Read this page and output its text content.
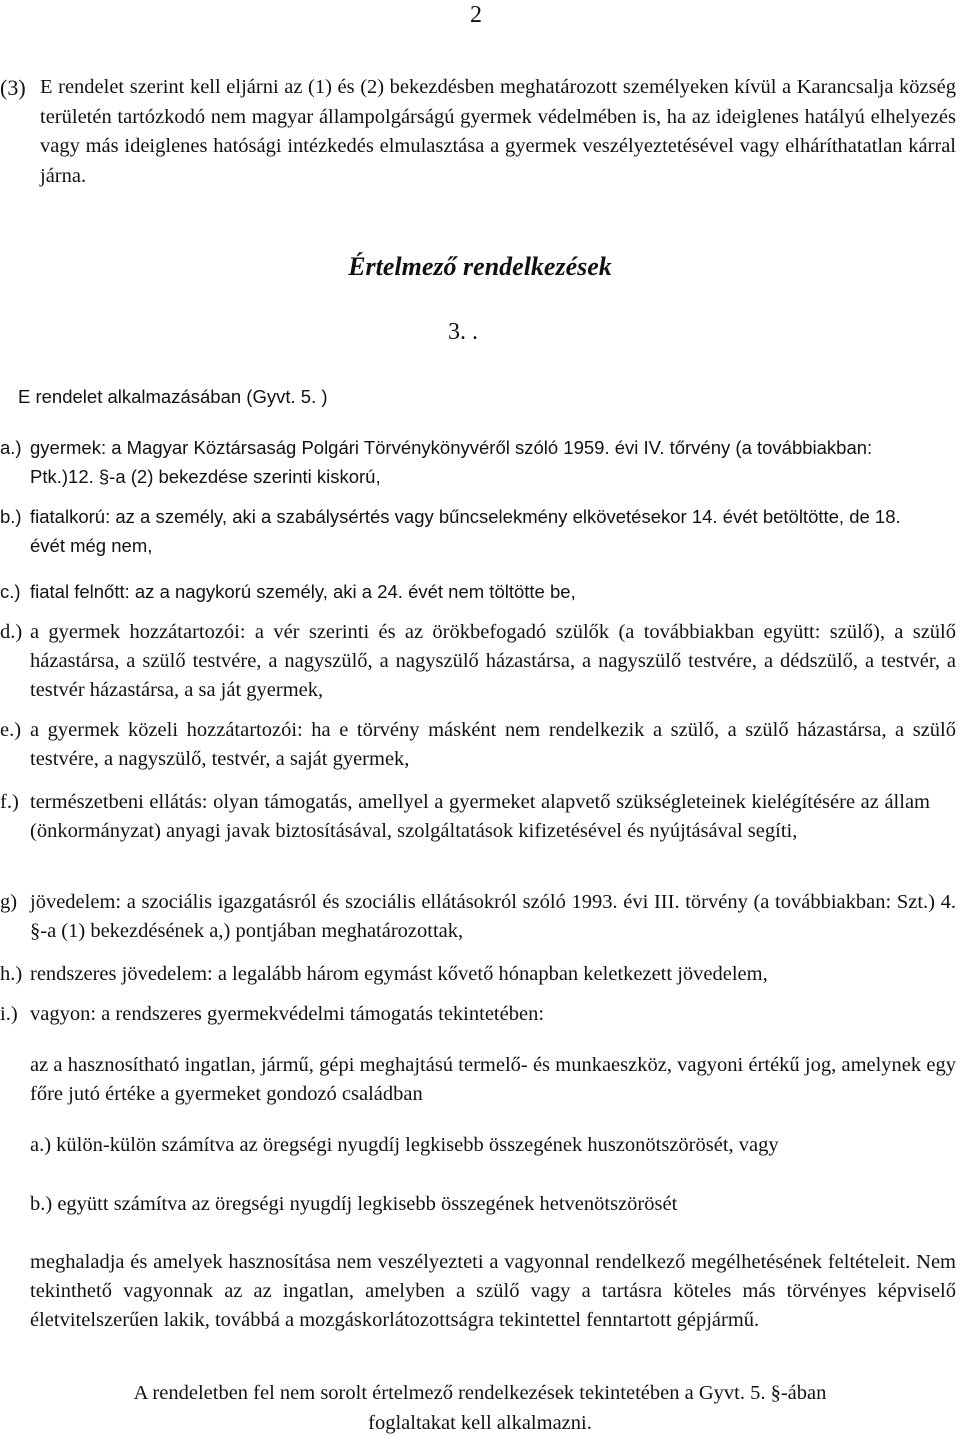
2
(3) E rendelet szerint kell eljárni az (1) és (2) bekezdésben meghatározott személyeken kívül a Karancsalja község területén tartózkodó nem magyar állampolgárságú gyermek védelmében is, ha az ideiglenes hatályú elhelyezés vagy más ideiglenes hatósági intézkedés elmulasztása a gyermek veszélyeztetésével vagy elháríthatatlan kárral járna.
Értelmező rendelkezések
3. .
E rendelet alkalmazásában (Gyvt. 5. )
a.) gyermek: a Magyar Köztársaság Polgári Törvénykönyvéről szóló 1959. évi IV. tőrvény (a továbbiakban: Ptk.)12. §-a (2) bekezdése szerinti kiskorú,
b.) fiatalkorú: az a személy, aki a szabálysértés vagy bűncselekmény elkövetésekor 14. évét betöltötte, de 18. évét még nem,
c.) fiatal felnőtt: az a nagykorú személy, aki a 24. évét nem töltötte be,
d.) a gyermek hozzátartozói: a vér szerinti és az örökbefogadó szülők (a továbbiakban együtt: szülő), a szülő házastársa, a szülő testvére, a nagyszülő, a nagyszülő házastársa, a nagyszülő testvére, a dédszülő, a testvér, a testvér házastársa, a sa ját gyermek,
e.) a gyermek közeli hozzátartozói: ha e törvény másként nem rendelkezik a szülő, a szülő házastársa, a szülő testvére, a nagyszülő, testvér, a saját gyermek,
f.) természetbeni ellátás: olyan támogatás, amellyel a gyermeket alapvető szükségleteinek kielégítésére az állam (önkormányzat) anyagi javak biztosításával, szolgáltatások kifizetésével és nyújtásával segíti,
g) jövedelem: a szociális igazgatásról és szociális ellátásokról szóló 1993. évi III. törvény (a továbbiakban: Szt.) 4. §-a (1) bekezdésének a,) pontjában meghatározottak,
h.) rendszeres jövedelem: a legalább három egymást kővető hónapban keletkezett jövedelem,
i.) vagyon: a rendszeres gyermekvédelmi támogatás tekintetében:
az a hasznosítható ingatlan, jármű, gépi meghajtású termelő- és munkaeszköz, vagyoni értékű jog, amelynek egy főre jutó értéke a gyermeket gondozó családban
a.) külön-külön számítva az öregségi nyugdíj legkisebb összegének huszonötszörösét, vagy
b.) együtt számítva az öregségi nyugdíj legkisebb összegének hetvenötszörösét
meghaladja és amelyek hasznosítása nem veszélyezteti a vagyonnal rendelkező megélhetésének feltételeit. Nem tekinthető vagyonnak az az ingatlan, amelyben a szülő vagy a tartásra köteles más törvényes képviselő életvitelszerűen lakik, továbbá a mozgáskorlátozottságra tekintettel fenntartott gépjármű.
A rendeletben fel nem sorolt értelmező rendelkezések tekintetében a Gyvt. 5. §-ában foglaltakat kell alkalmazni.
